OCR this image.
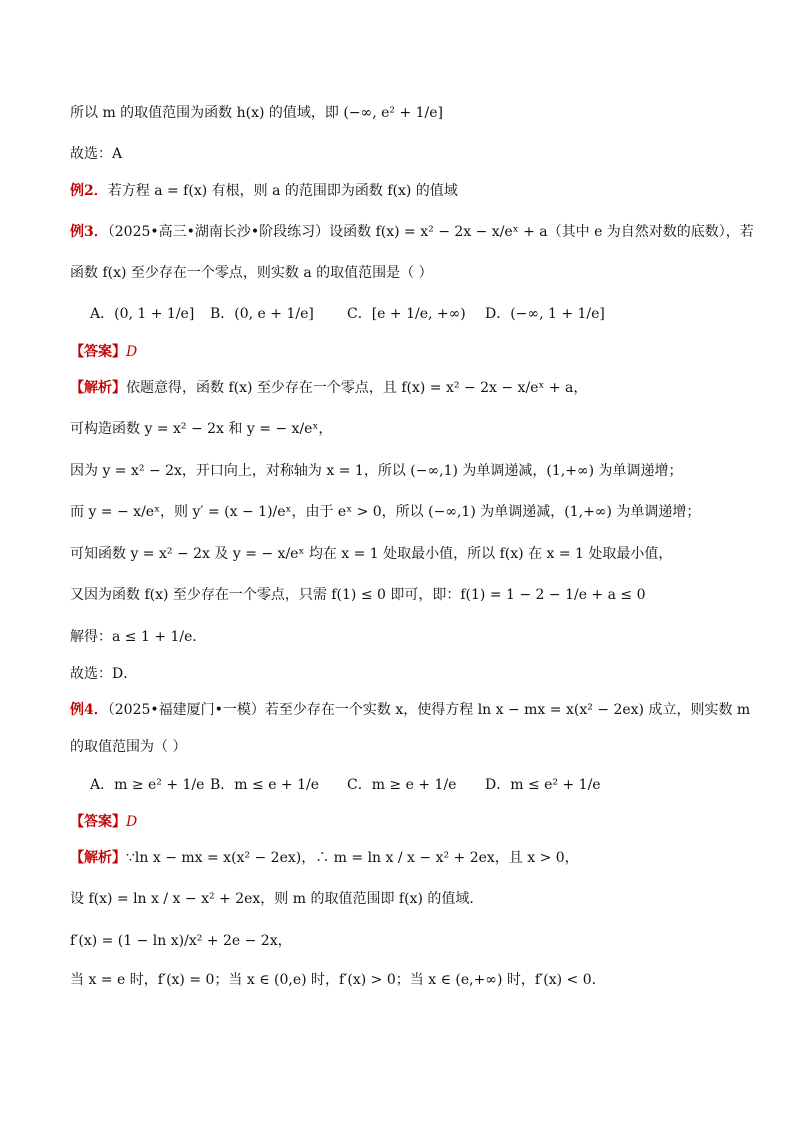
所以 m 的取值范围为函数 h(x) 的值域，即 (−∞, e² + 1/e]
故选：A
例2．若方程 a = f(x) 有根，则 a 的范围即为函数 f(x) 的值域
例3．（2025•高三•湖南长沙•阶段练习）设函数 f(x) = x² − 2x − x/eˣ + a（其中 e 为自然对数的底数），若
函数 f(x) 至少存在一个零点，则实数 a 的取值范围是（ ）
A．(0, 1 + 1/e] B．(0, e + 1/e] C．[e + 1/e, +∞) D．(−∞, 1 + 1/e]
【答案】D
【解析】依题意得，函数 f(x) 至少存在一个零点，且 f(x) = x² − 2x − x/eˣ + a，
可构造函数 y = x² − 2x 和 y = − x/eˣ，
因为 y = x² − 2x，开口向上，对称轴为 x = 1，所以 (−∞,1) 为单调递减，(1,+∞) 为单调递增；
而 y = − x/eˣ，则 y′ = (x − 1)/eˣ，由于 eˣ > 0，所以 (−∞,1) 为单调递减，(1,+∞) 为单调递增；
可知函数 y = x² − 2x 及 y = − x/eˣ 均在 x = 1 处取最小值，所以 f(x) 在 x = 1 处取最小值，
又因为函数 f(x) 至少存在一个零点，只需 f(1) ≤ 0 即可，即：f(1) = 1 − 2 − 1/e + a ≤ 0
解得：a ≤ 1 + 1/e．
故选：D．
例4．（2025•福建厦门•一模）若至少存在一个实数 x，使得方程 ln x − mx = x(x² − 2ex) 成立，则实数 m
的取值范围为（ ）
A．m ≥ e² + 1/e B．m ≤ e + 1/e C．m ≥ e + 1/e D．m ≤ e² + 1/e
【答案】D
【解析】∵ln x − mx = x(x² − 2ex)，∴ m = ln x / x − x² + 2ex，且 x > 0，
设 f(x) = ln x / x − x² + 2ex，则 m 的取值范围即 f(x) 的值域．
f′(x) = (1 − ln x)/x² + 2e − 2x，
当 x = e 时，f′(x) = 0；当 x ∈ (0,e) 时，f′(x) > 0；当 x ∈ (e,+∞) 时，f′(x) < 0．
